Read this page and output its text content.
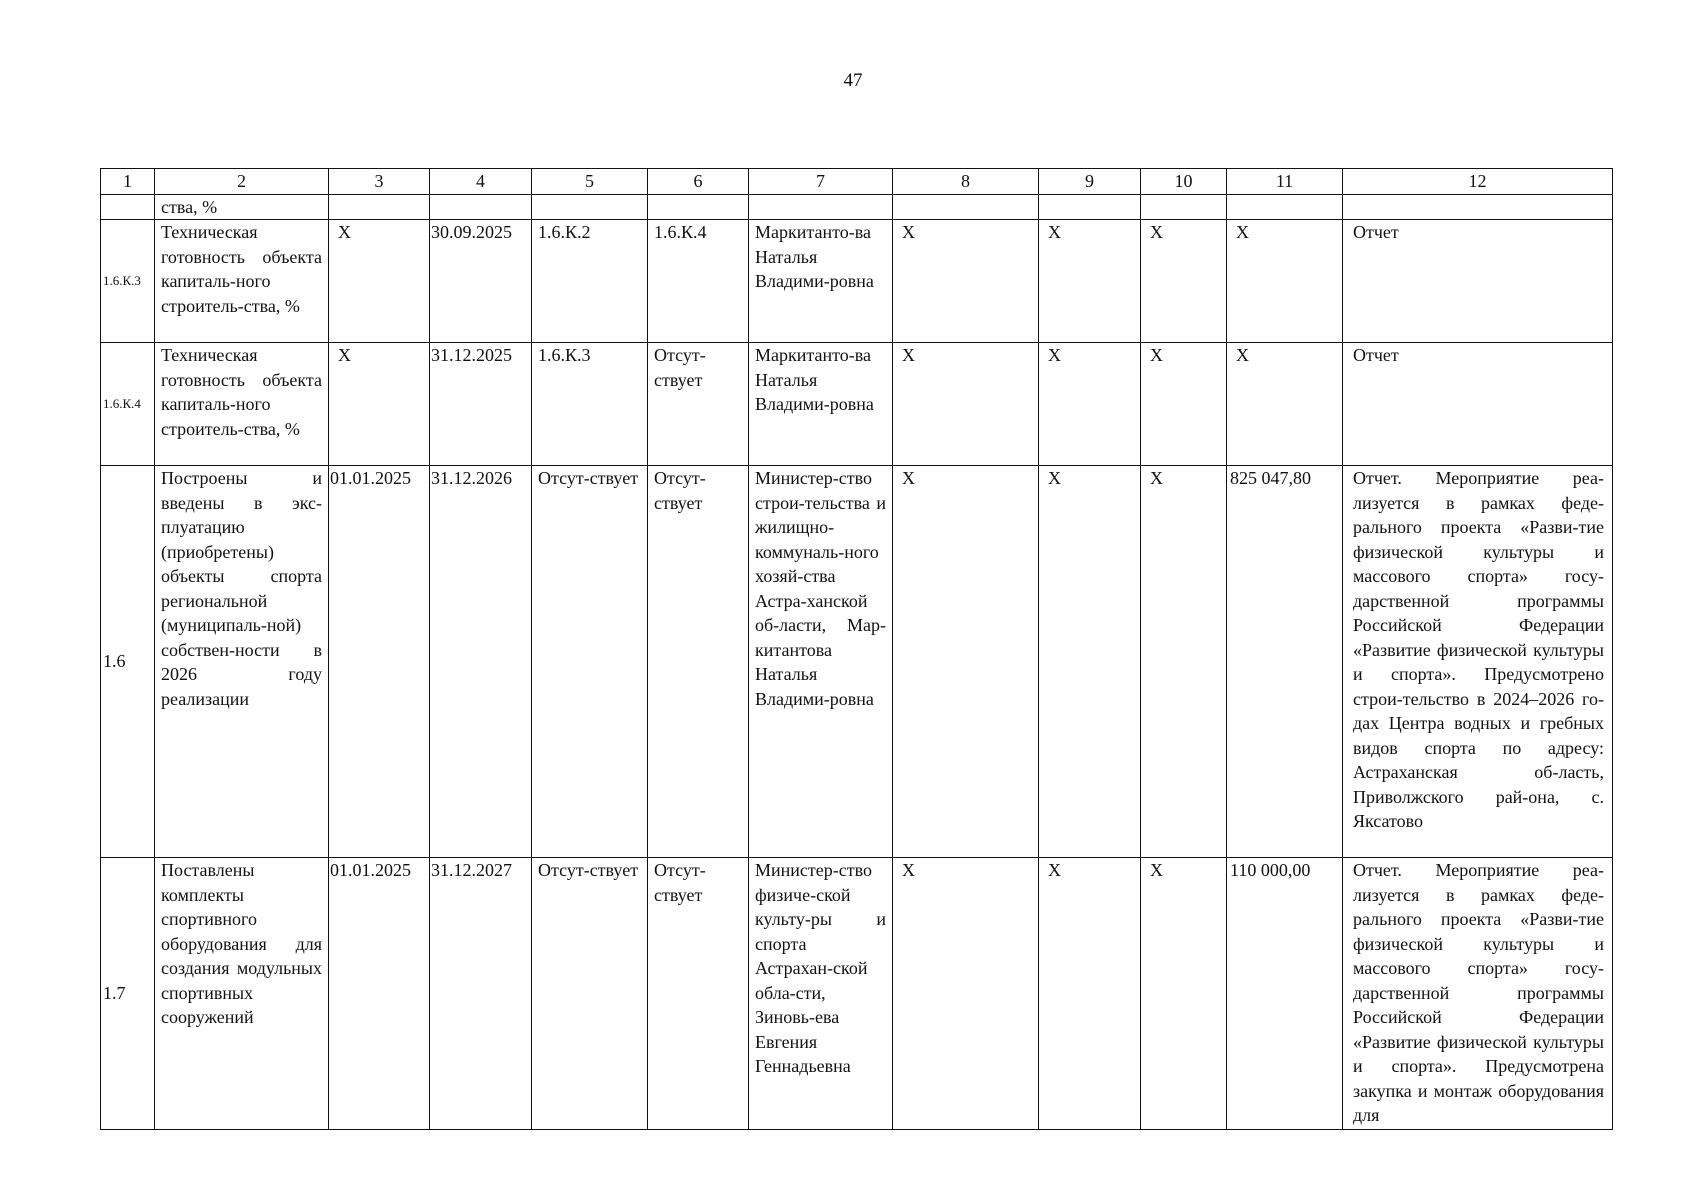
47
1	2	3	4	5	6	7	8	9	10	11	12
	ства, %										
1.6.К.3	Техническая готовность объекта капиталь-ного строитель-ства, %	X	30.09.2025	1.6.К.2	1.6.К.4	Маркитанто-ва Наталья Владими-ровна	X	X	X	X	Отчет
1.6.К.4	Техническая готовность объекта капиталь-ного строитель-ства, %	X	31.12.2025	1.6.К.3	Отсут-ствует	Маркитанто-ва Наталья Владими-ровна	X	X	X	X	Отчет
1.6	Построены и введены в экс-плуатацию (приобретены) объекты спорта региональной (муниципаль-ной) собствен-ности в 2026 году реализации	01.01.2025	31.12.2026	Отсут-ствует	Отсут-ствует	Министер-ство строи-тельства и жилищно-коммуналь-ного хозяй-ства Астра-ханской об-ласти, Мар-китантова Наталья Владими-ровна	X	X	X	825 047,80	Отчет. Мероприятие реа-лизуется в рамках феде-рального проекта «Разви-тие физической культуры и массового спорта» госу-дарственной программы Российской Федерации «Развитие физической культуры и спорта». Предусмотрено строи-тельство в 2024–2026 го-дах Центра водных и гребных видов спорта по адресу: Астраханская об-ласть, Приволжского рай-она, с. Яксатово
1.7	Поставлены комплекты спортивного оборудования для создания модульных спортивных сооружений	01.01.2025	31.12.2027	Отсут-ствует	Отсут-ствует	Министер-ство физиче-ской культу-ры и спорта Астрахан-ской обла-сти, Зиновь-ева Евгения Геннадьевна	X	X	X	110 000,00	Отчет. Мероприятие реа-лизуется в рамках феде-рального проекта «Разви-тие физической культуры и массового спорта» госу-дарственной программы Российской Федерации «Развитие физической культуры и спорта». Предусмотрена закупка и монтаж оборудования для
